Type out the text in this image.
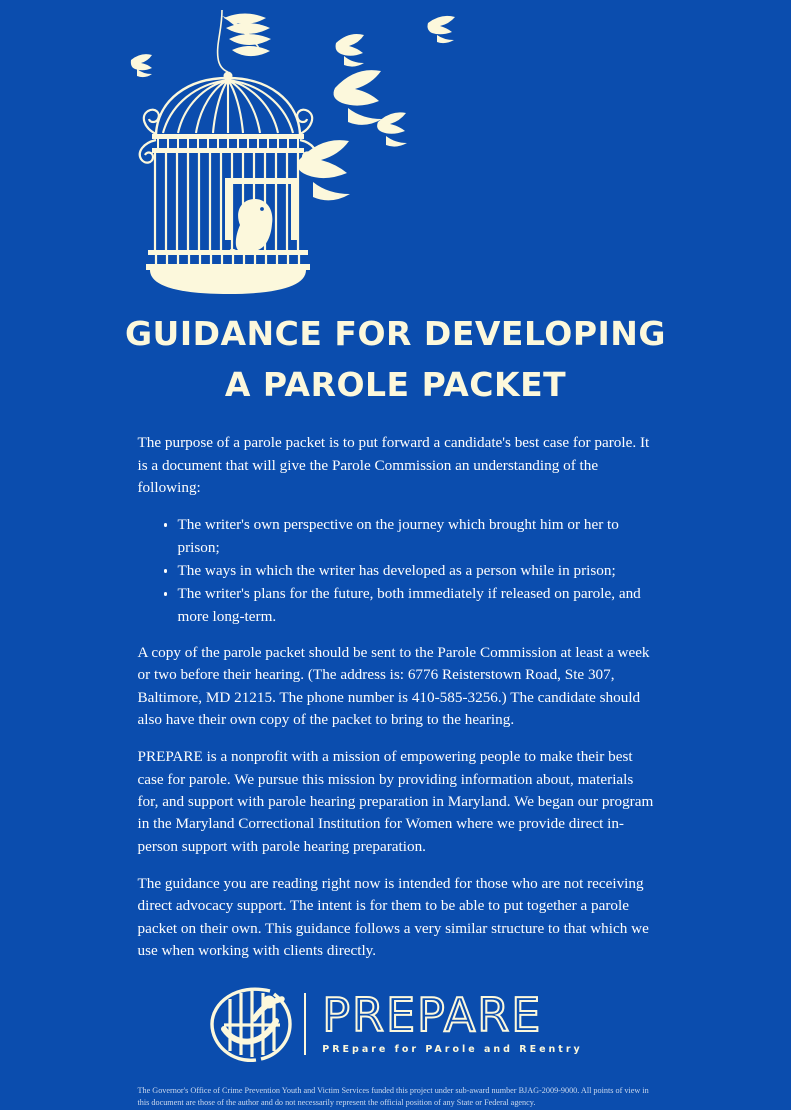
GUIDANCE FOR DEVELOPING
A PAROLE PACKET

The purpose of a parole packet is to put forward a candidate's best case for parole. It is a document that will give the Parole Commission an understanding of the following:

The writer's own perspective on the journey which brought him or her to prison;
The ways in which the writer has developed as a person while in prison;
The writer's plans for the future, both immediately if released on parole, and more long-term.

A copy of the parole packet should be sent to the Parole Commission at least a week or two before their hearing. (The address is: 6776 Reisterstown Road, Ste 307, Baltimore, MD 21215. The phone number is 410-585-3256.) The candidate should also have their own copy of the packet to bring to the hearing.

PREPARE is a nonprofit with a mission of empowering people to make their best case for parole. We pursue this mission by providing information about, materials for, and support with parole hearing preparation in Maryland. We began our program in the Maryland Correctional Institution for Women where we provide direct in-person support with parole hearing preparation.

The guidance you are reading right now is intended for those who are not receiving direct advocacy support. The intent is for them to be able to put together a parole packet on their own. This guidance follows a very similar structure to that which we use when working with clients directly.

PREPARE
PREpare for PArole and REentry
The Governor's Office of Crime Prevention Youth and Victim Services funded this project under sub-award number BJAG-2009-9000. All points of view in this document are those of the author and do not necessarily represent the official position of any State or Federal agency.
